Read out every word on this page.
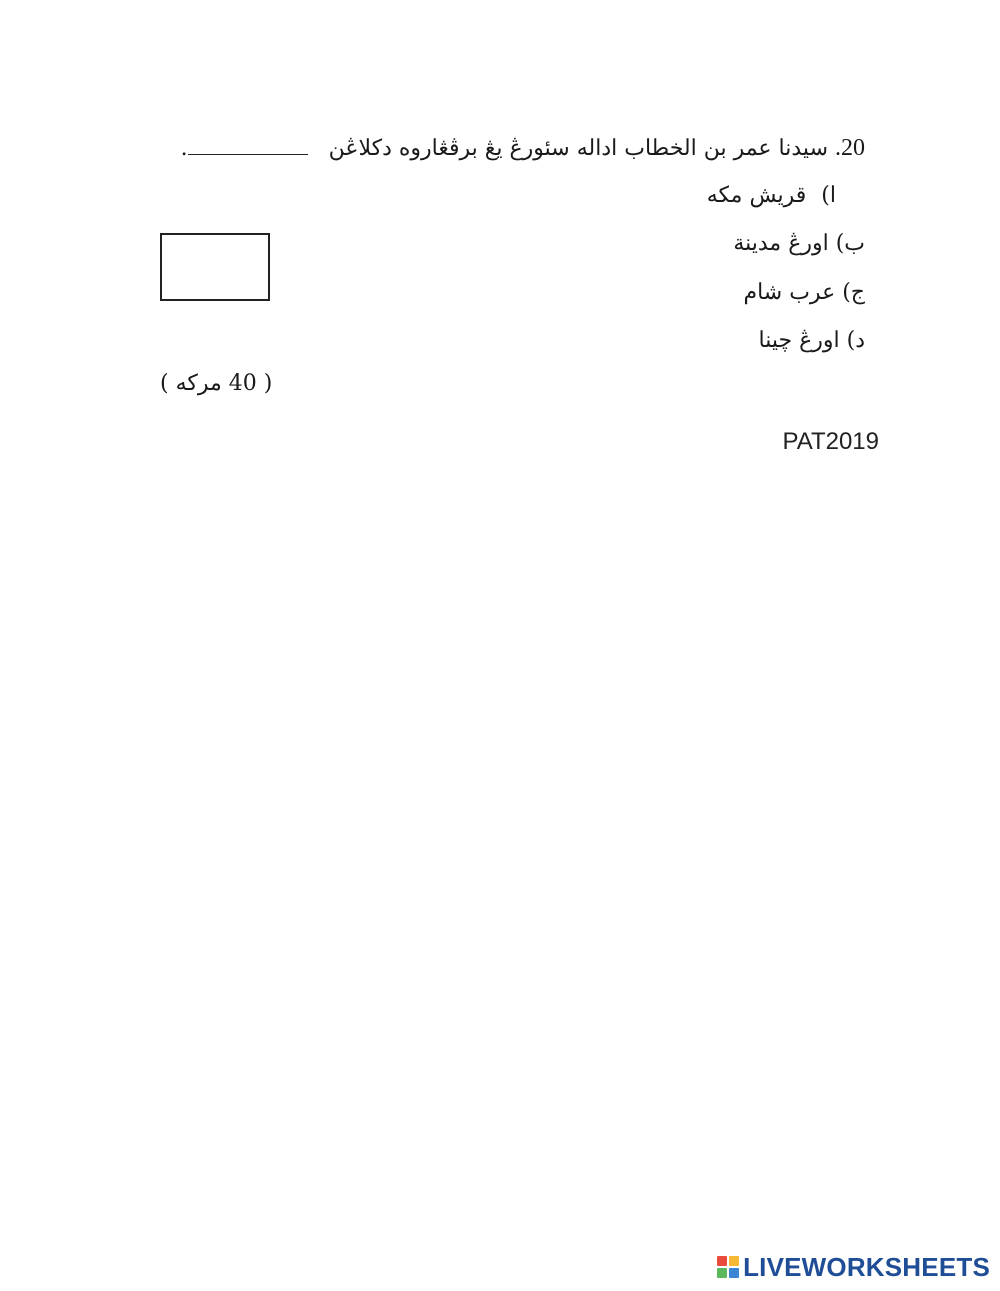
20. سيدنا عمر بن الخطاب اداله سئورڠ يڠ برڤڠاروه دكلاڠن .
ا) قريش مكه
ب) اورڠ مدينة
ج) عرب شام
د) اورڠ چينا
( 40 مركه )
PAT2019
LIVEWORKSHEETS
